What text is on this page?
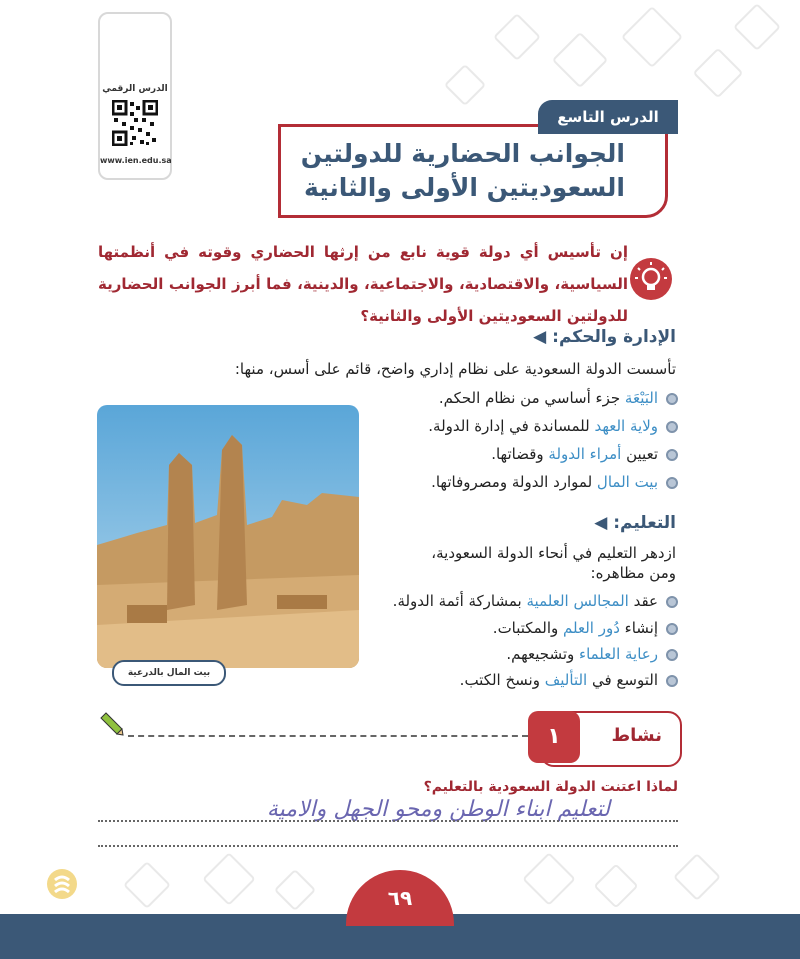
الدرس الرقمي
www.ien.edu.sa	الجوانب الحضارية للدولتين
السعوديتين الأولى والثانية
الدرس التاسع
إن تأسيس أي دولة قوية نابع من إرثها الحضاري وقوته في أنظمتها السياسية، والاقتصادية، والاجتماعية، والدينية، فما أبرز الجوانب الحضارية للدولتين السعوديتين الأولى والثانية؟
الإدارة والحكم: ◀
تأسست الدولة السعودية على نظام إداري واضح، قائم على أسس، منها:
البَيْعَة جزء أساسي من نظام الحكم.
ولاية العهد للمساندة في إدارة الدولة.
تعيين أمراء الدولة وقضاتها.
بيت المال لموارد الدولة ومصروفاتها.
بيت المال بالدرعية
التعليم: ◀
ازدهر التعليم في أنحاء الدولة السعودية،
ومن مظاهره:
عقد المجالس العلمية بمشاركة أئمة الدولة.
إنشاء دُور العلم والمكتبات.
رعاية العلماء وتشجيعهم.
التوسع في التأليف ونسخ الكتب.
نشاط
١
لماذا اعتنت الدولة السعودية بالتعليم؟
لتعليم ابناء الوطن ومحو الجهل والامية
٦٩
